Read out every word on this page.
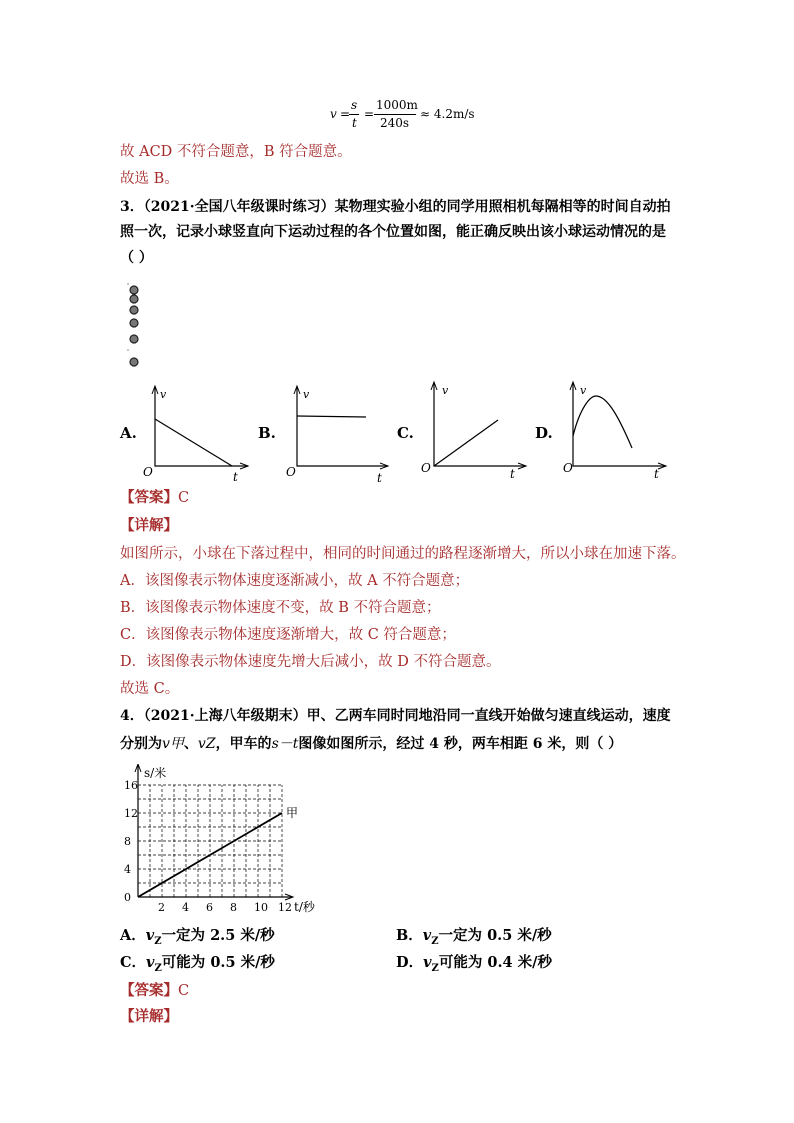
v =
s
t
=
1000m
240s
≈ 4.2m/s
故 ACD 不符合题意，B 符合题意。
故选 B。
3．（2021·全国八年级课时练习）某物理实验小组的同学用照相机每隔相等的时间自动拍
照一次，记录小球竖直向下运动过程的各个位置如图，能正确反映出该小球运动情况的是
（ ）
A.	B.	C.	D.
v
O	t
v
O	t
v
O	t
v
O	t
【答案】C
【详解】
如图所示，小球在下落过程中，相同的时间通过的路程逐渐增大，所以小球在加速下落。
A．该图像表示物体速度逐渐减小，故 A 不符合题意；
B．该图像表示物体速度不变，故 B 不符合题意；
C．该图像表示物体速度逐渐增大，故 C 符合题意；
D．该图像表示物体速度先增大后减小，故 D 不符合题意。
故选 C。
4．（2021·上海八年级期末）甲、乙两车同时同地沿同一直线开始做匀速直线运动，速度
分别为v甲、vZ，甲车的s－t图像如图所示，经过 4 秒，两车相距 6 米，则（ ）
0
4
8
12
16
2 4 6 8 10 12
s/米
t/秒
甲
A．$v_Z$一定为 2.5 米/秒	B．$v_Z$一定为 0.5 米/秒
C．$v_Z$可能为 0.5 米/秒	D．$v_Z$可能为 0.4 米/秒
【答案】C
【详解】
